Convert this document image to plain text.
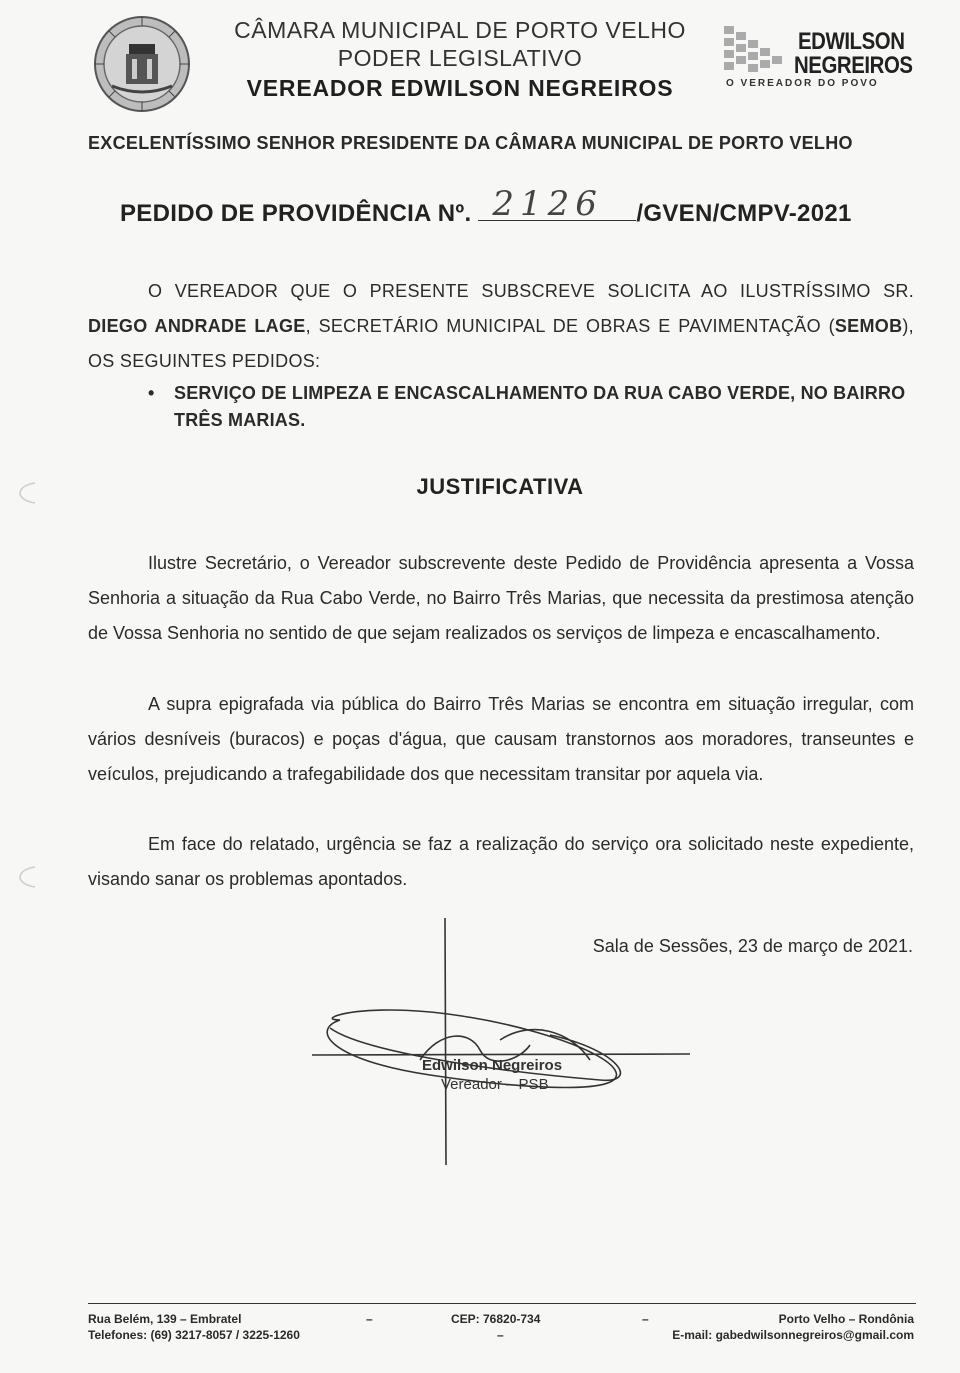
CÂMARA MUNICIPAL DE PORTO VELHO
PODER LEGISLATIVO
VEREADOR EDWILSON NEGREIROS
EDWILSON
NEGREIROS
O VEREADOR DO POVO
EXCELENTÍSSIMO SENHOR PRESIDENTE DA CÂMARA MUNICIPAL DE PORTO VELHO
PEDIDO DE PROVIDÊNCIA Nº. 2126 /GVEN/CMPV-2021
O VEREADOR QUE O PRESENTE SUBSCREVE SOLICITA AO ILUSTRÍSSIMO SR. DIEGO ANDRADE LAGE, SECRETÁRIO MUNICIPAL DE OBRAS E PAVIMENTAÇÃO (SEMOB), OS SEGUINTES PEDIDOS:
•	SERVIÇO DE LIMPEZA E ENCASCALHAMENTO DA RUA CABO VERDE, NO BAIRRO TRÊS MARIAS.
JUSTIFICATIVA
Ilustre Secretário, o Vereador subscrevente deste Pedido de Providência apresenta a Vossa Senhoria a situação da Rua Cabo Verde, no Bairro Três Marias, que necessita da prestimosa atenção de Vossa Senhoria no sentido de que sejam realizados os serviços de limpeza e encascalhamento.
A supra epigrafada via pública do Bairro Três Marias se encontra em situação irregular, com vários desníveis (buracos) e poças d'água, que causam transtornos aos moradores, transeuntes e veículos, prejudicando a trafegabilidade dos que necessitam transitar por aquela via.
Em face do relatado, urgência se faz a realização do serviço ora solicitado neste expediente, visando sanar os problemas apontados.
Sala de Sessões, 23 de março de 2021.
Edwilson Negreiros
Vereador – PSB
Rua Belém, 139 – Embratel
Telefones: (69) 3217-8057 / 3225-1260
–	CEP: 76820-734
–
–	Porto Velho – Rondônia
E-mail: gabedwilsonnegreiros@gmail.com
